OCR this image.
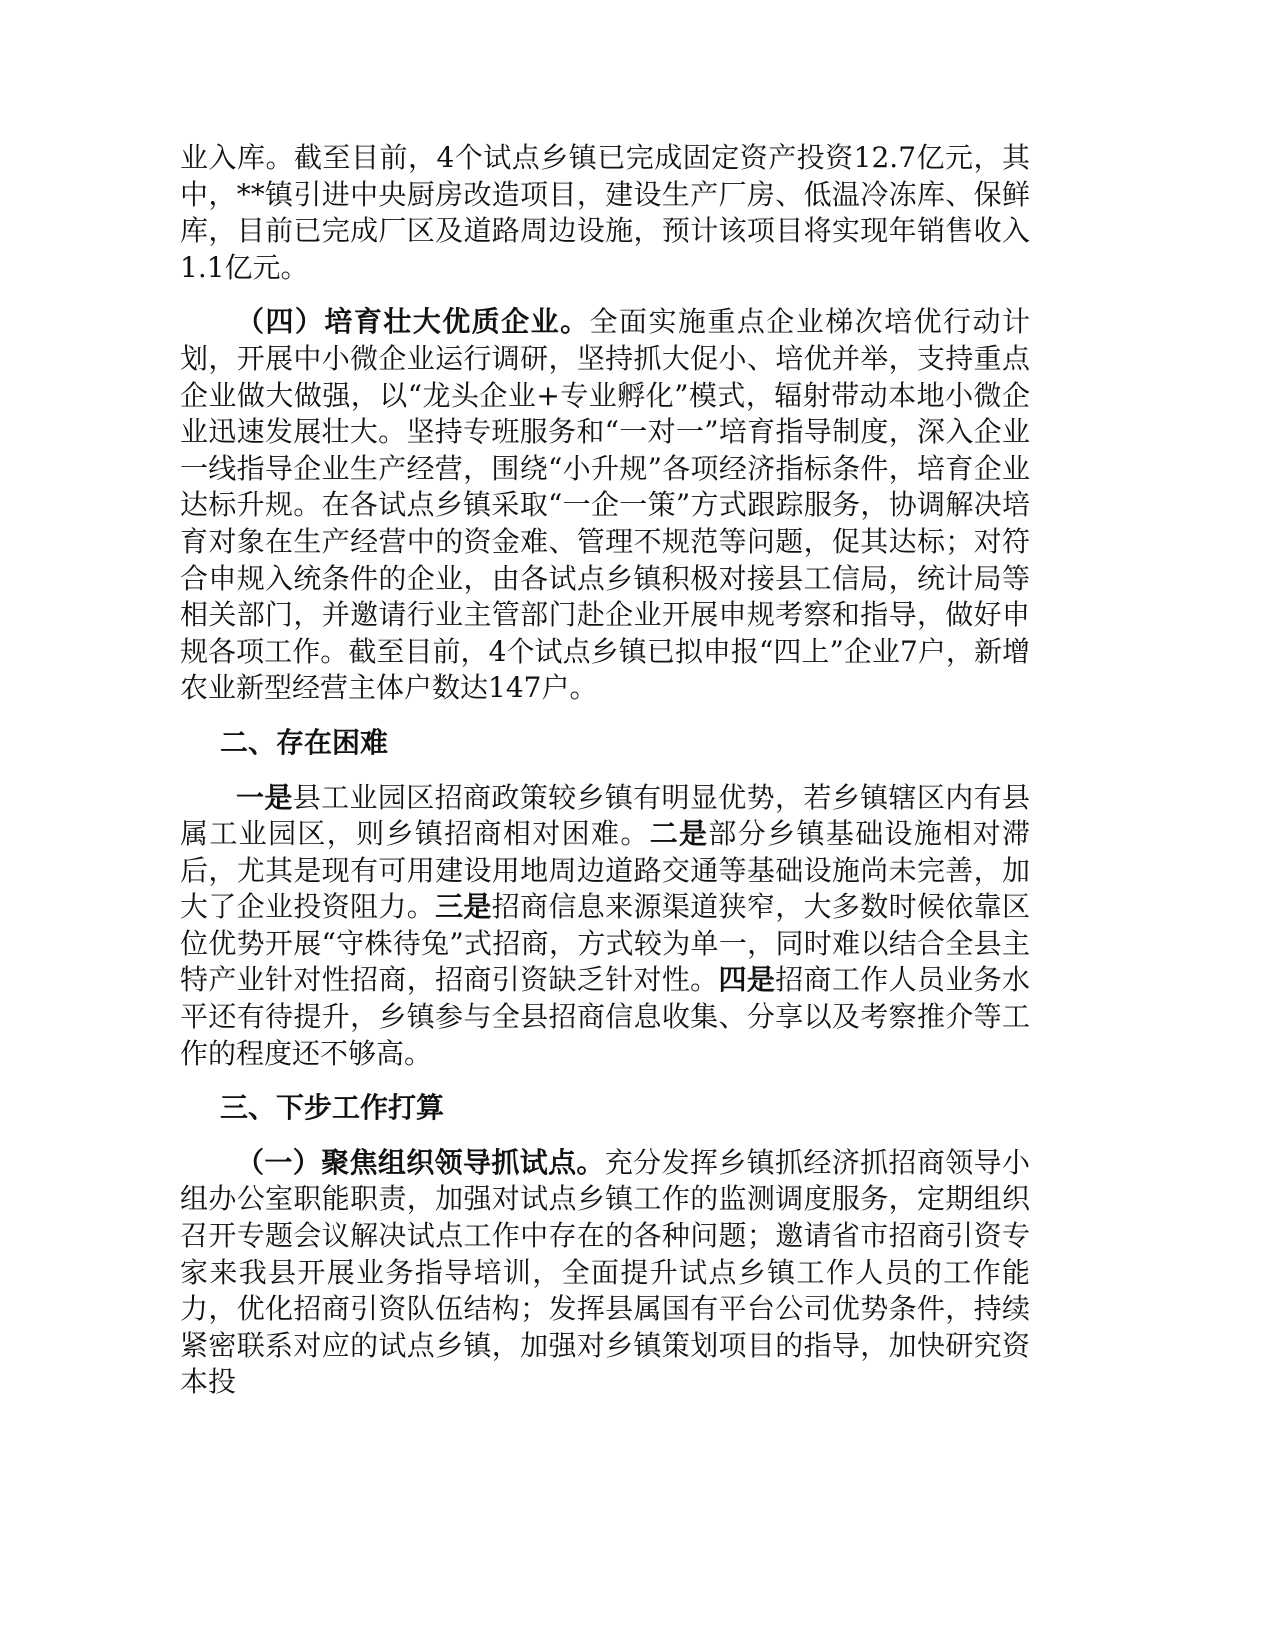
业入库。截至目前，4个试点乡镇已完成固定资产投资12.7亿元，其中，**镇引进中央厨房改造项目，建设生产厂房、低温冷冻库、保鲜库，目前已完成厂区及道路周边设施，预计该项目将实现年销售收入1.1亿元。

（四）培育壮大优质企业。全面实施重点企业梯次培优行动计划，开展中小微企业运行调研，坚持抓大促小、培优并举，支持重点企业做大做强，以“龙头企业+专业孵化”模式，辐射带动本地小微企业迅速发展壮大。坚持专班服务和“一对一”培育指导制度，深入企业一线指导企业生产经营，围绕“小升规”各项经济指标条件，培育企业达标升规。在各试点乡镇采取“一企一策”方式跟踪服务，协调解决培育对象在生产经营中的资金难、管理不规范等问题，促其达标；对符合申规入统条件的企业，由各试点乡镇积极对接县工信局，统计局等相关部门，并邀请行业主管部门赴企业开展申规考察和指导，做好申规各项工作。截至目前，4个试点乡镇已拟申报“四上”企业7户，新增农业新型经营主体户数达147户。

二、存在困难

一是县工业园区招商政策较乡镇有明显优势，若乡镇辖区内有县属工业园区，则乡镇招商相对困难。二是部分乡镇基础设施相对滞后，尤其是现有可用建设用地周边道路交通等基础设施尚未完善，加大了企业投资阻力。三是招商信息来源渠道狭窄，大多数时候依靠区位优势开展“守株待兔”式招商，方式较为单一，同时难以结合全县主特产业针对性招商，招商引资缺乏针对性。四是招商工作人员业务水平还有待提升，乡镇参与全县招商信息收集、分享以及考察推介等工作的程度还不够高。

三、下步工作打算

（一）聚焦组织领导抓试点。充分发挥乡镇抓经济抓招商领导小组办公室职能职责，加强对试点乡镇工作的监测调度服务，定期组织召开专题会议解决试点工作中存在的各种问题；邀请省市招商引资专家来我县开展业务指导培训，全面提升试点乡镇工作人员的工作能力，优化招商引资队伍结构；发挥县属国有平台公司优势条件，持续紧密联系对应的试点乡镇，加强对乡镇策划项目的指导，加快研究资本投
